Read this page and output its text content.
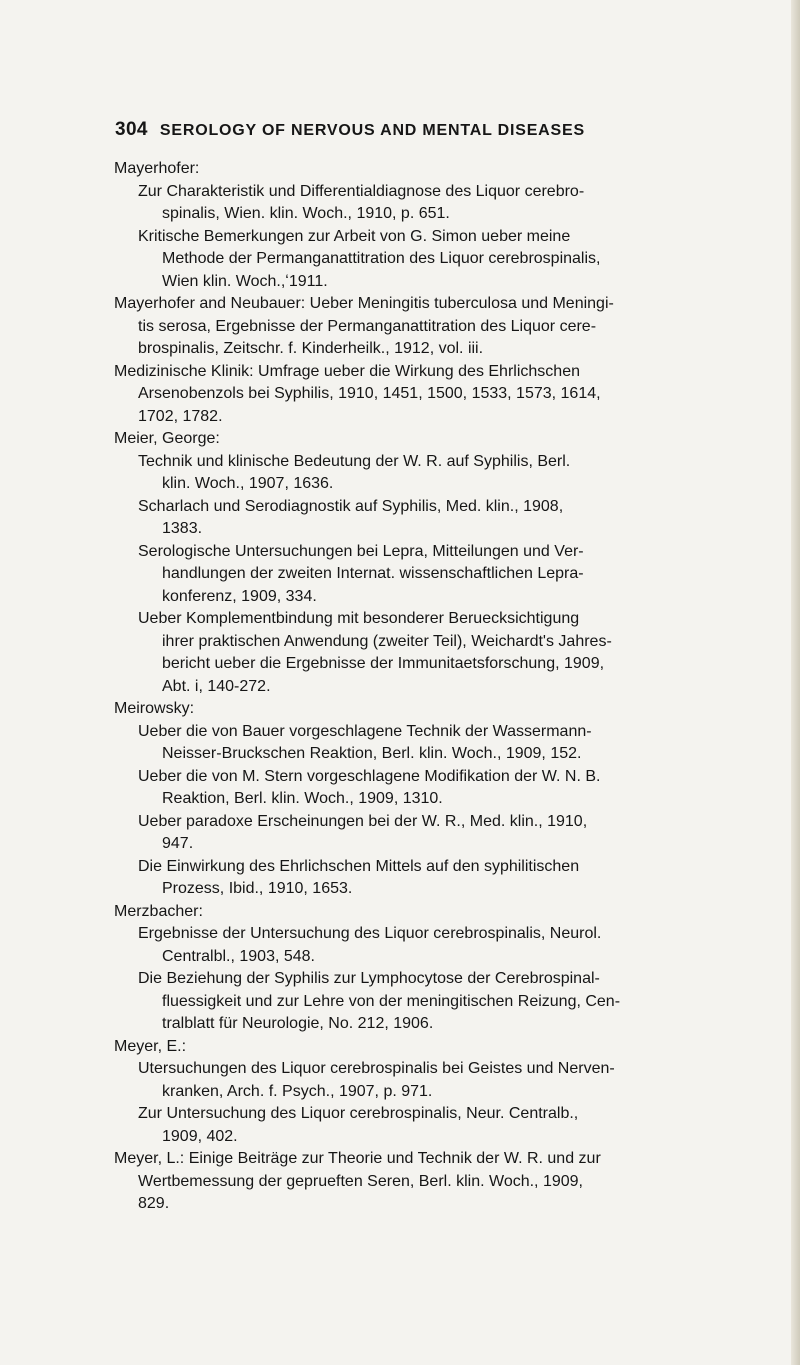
304 SEROLOGY OF NERVOUS AND MENTAL DISEASES
Mayerhofer:
Zur Charakteristik und Differentialdiagnose des Liquor cerebro-
spinalis, Wien. klin. Woch., 1910, p. 651.
Kritische Bemerkungen zur Arbeit von G. Simon ueber meine
Methode der Permanganattitration des Liquor cerebrospinalis,
Wien klin. Woch.,ʻ1911.
Mayerhofer and Neubauer: Ueber Meningitis tuberculosa und Meningi-
tis serosa, Ergebnisse der Permanganattitration des Liquor cere-
brospinalis, Zeitschr. f. Kinderheilk., 1912, vol. iii.
Medizinische Klinik: Umfrage ueber die Wirkung des Ehrlichschen
Arsenobenzols bei Syphilis, 1910, 1451, 1500, 1533, 1573, 1614,
1702, 1782.
Meier, George:
Technik und klinische Bedeutung der W. R. auf Syphilis, Berl.
klin. Woch., 1907, 1636.
Scharlach und Serodiagnostik auf Syphilis, Med. klin., 1908,
1383.
Serologische Untersuchungen bei Lepra, Mitteilungen und Ver-
handlungen der zweiten Internat. wissenschaftlichen Lepra-
konferenz, 1909, 334.
Ueber Komplementbindung mit besonderer Beruecksichtigung
ihrer praktischen Anwendung (zweiter Teil), Weichardt's Jahres-
bericht ueber die Ergebnisse der Immunitaetsforschung, 1909,
Abt. i, 140-272.
Meirowsky:
Ueber die von Bauer vorgeschlagene Technik der Wassermann-
Neisser-Bruckschen Reaktion, Berl. klin. Woch., 1909, 152.
Ueber die von M. Stern vorgeschlagene Modifikation der W. N. B.
Reaktion, Berl. klin. Woch., 1909, 1310.
Ueber paradoxe Erscheinungen bei der W. R., Med. klin., 1910,
947.
Die Einwirkung des Ehrlichschen Mittels auf den syphilitischen
Prozess, Ibid., 1910, 1653.
Merzbacher:
Ergebnisse der Untersuchung des Liquor cerebrospinalis, Neurol.
Centralbl., 1903, 548.
Die Beziehung der Syphilis zur Lymphocytose der Cerebrospinal-
fluessigkeit und zur Lehre von der meningitischen Reizung, Cen-
tralblatt für Neurologie, No. 212, 1906.
Meyer, E.:
Utersuchungen des Liquor cerebrospinalis bei Geistes und Nerven-
kranken, Arch. f. Psych., 1907, p. 971.
Zur Untersuchung des Liquor cerebrospinalis, Neur. Centralb.,
1909, 402.
Meyer, L.: Einige Beiträge zur Theorie und Technik der W. R. und zur
Wertbemessung der geprueften Seren, Berl. klin. Woch., 1909,
829.
